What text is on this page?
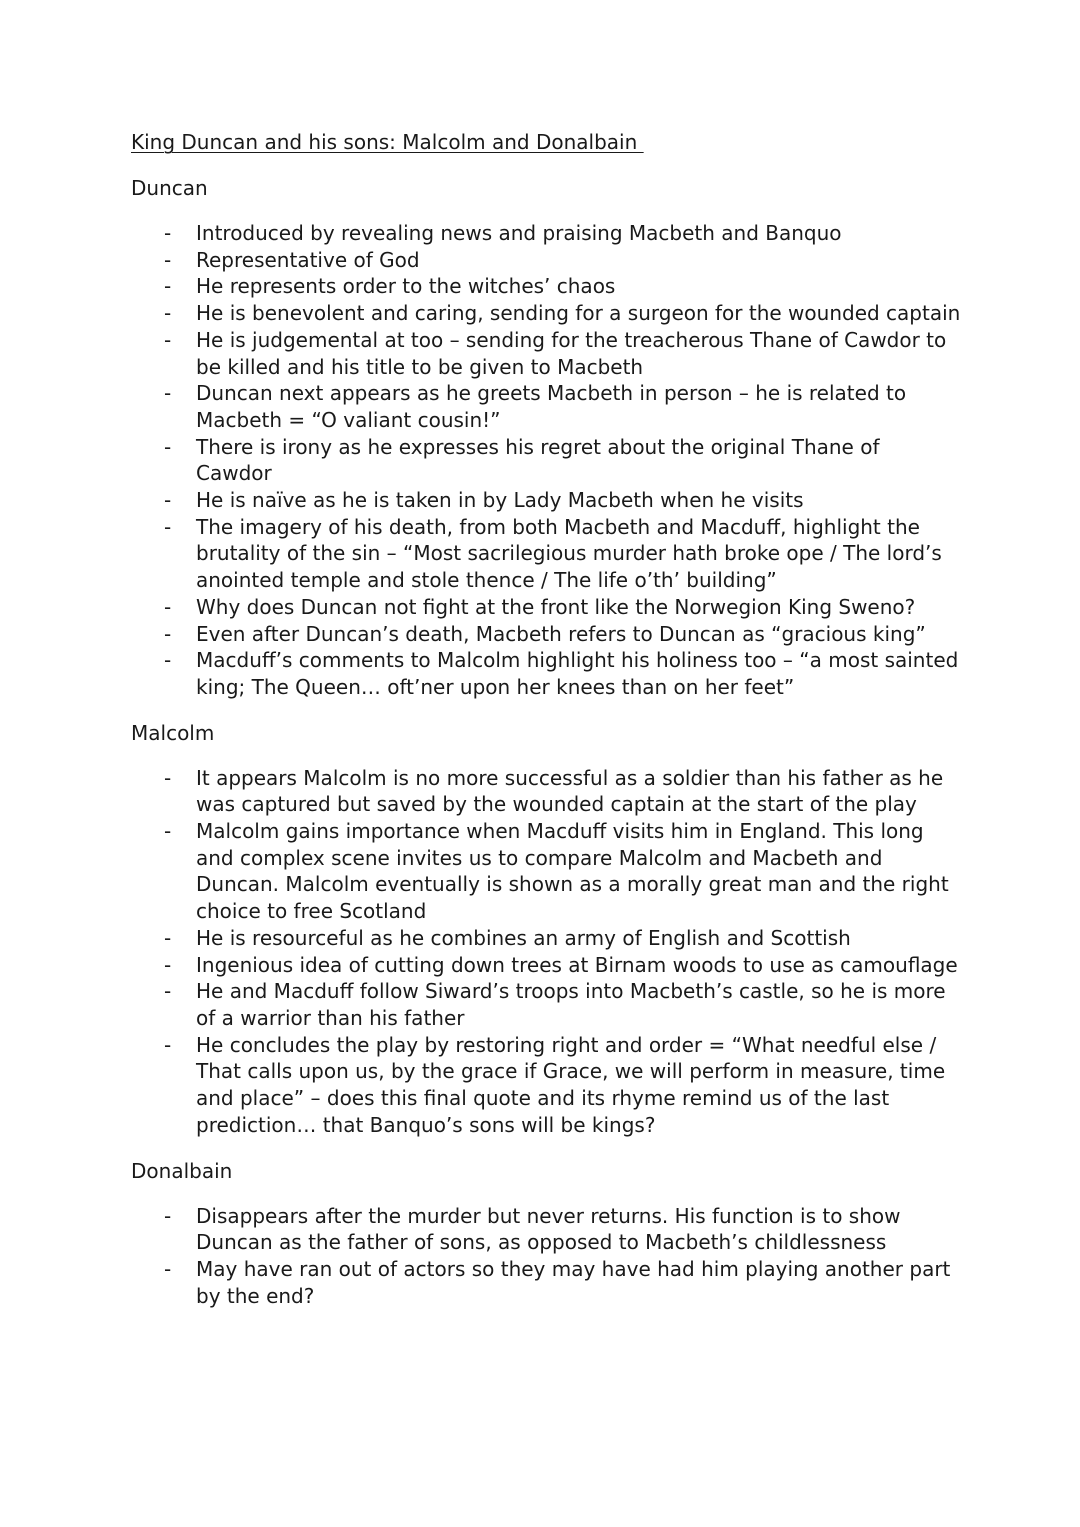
King Duncan and his sons: Malcolm and Donalbain
Duncan
- Introduced by revealing news and praising Macbeth and Banquo
- Representative of God
- He represents order to the witches’ chaos
- He is benevolent and caring, sending for a surgeon for the wounded captain
- He is judgemental at too – sending for the treacherous Thane of Cawdor to be killed and his title to be given to Macbeth
- Duncan next appears as he greets Macbeth in person – he is related to Macbeth = “O valiant cousin!”
- There is irony as he expresses his regret about the original Thane of Cawdor
- He is naïve as he is taken in by Lady Macbeth when he visits
- The imagery of his death, from both Macbeth and Macduff, highlight the brutality of the sin – “Most sacrilegious murder hath broke ope / The lord’s anointed temple and stole thence / The life o’th’ building”
- Why does Duncan not fight at the front like the Norwegion King Sweno?
- Even after Duncan’s death, Macbeth refers to Duncan as “gracious king”
- Macduff’s comments to Malcolm highlight his holiness too – “a most sainted king; The Queen… oft’ner upon her knees than on her feet”
Malcolm
- It appears Malcolm is no more successful as a soldier than his father as he was captured but saved by the wounded captain at the start of the play
- Malcolm gains importance when Macduff visits him in England. This long and complex scene invites us to compare Malcolm and Macbeth and Duncan. Malcolm eventually is shown as a morally great man and the right choice to free Scotland
- He is resourceful as he combines an army of English and Scottish
- Ingenious idea of cutting down trees at Birnam woods to use as camouflage
- He and Macduff follow Siward’s troops into Macbeth’s castle, so he is more of a warrior than his father
- He concludes the play by restoring right and order = “What needful else / That calls upon us, by the grace if Grace, we will perform in measure, time and place” – does this final quote and its rhyme remind us of the last prediction… that Banquo’s sons will be kings?
Donalbain
- Disappears after the murder but never returns. His function is to show Duncan as the father of sons, as opposed to Macbeth’s childlessness
- May have ran out of actors so they may have had him playing another part by the end?
